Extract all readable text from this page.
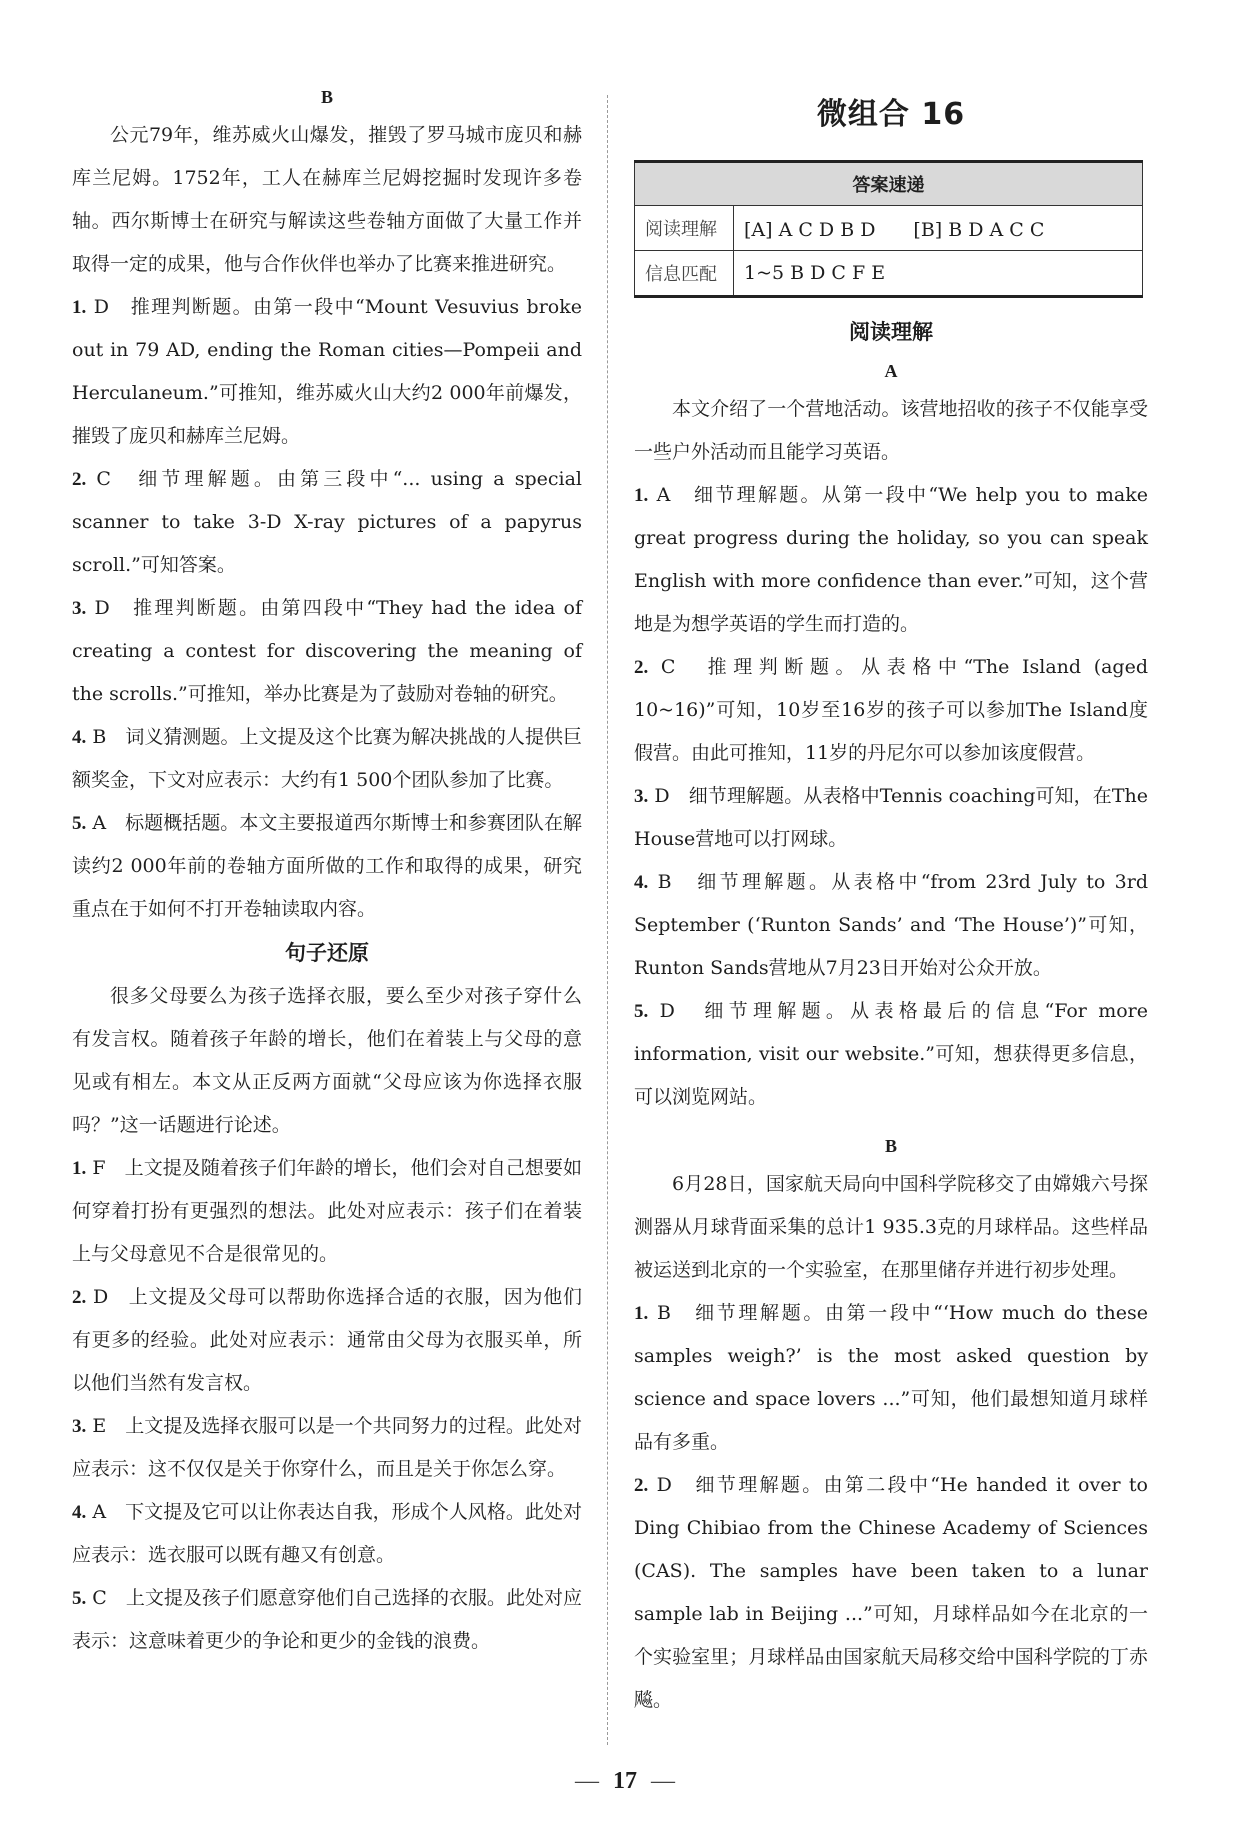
B

公元79年，维苏威火山爆发，摧毁了罗马城市庞贝和赫库兰尼姆。1752年，工人在赫库兰尼姆挖掘时发现许多卷轴。西尔斯博士在研究与解读这些卷轴方面做了大量工作并取得一定的成果，他与合作伙伴也举办了比赛来推进研究。

1. D　推理判断题。由第一段中“Mount Vesuvius broke out in 79 AD, ending the Roman cities—Pompeii and Herculaneum.”可推知，维苏威火山大约2 000年前爆发，摧毁了庞贝和赫库兰尼姆。

2. C　细节理解题。由第三段中“... using a special scanner to take 3-D X-ray pictures of a papyrus scroll.”可知答案。

3. D　推理判断题。由第四段中“They had the idea of creating a contest for discovering the meaning of the scrolls.”可推知，举办比赛是为了鼓励对卷轴的研究。

4. B　词义猜测题。上文提及这个比赛为解决挑战的人提供巨额奖金，下文对应表示：大约有1 500个团队参加了比赛。

5. A　标题概括题。本文主要报道西尔斯博士和参赛团队在解读约2 000年前的卷轴方面所做的工作和取得的成果，研究重点在于如何不打开卷轴读取内容。

句子还原

很多父母要么为孩子选择衣服，要么至少对孩子穿什么有发言权。随着孩子年龄的增长，他们在着装上与父母的意见或有相左。本文从正反两方面就“父母应该为你选择衣服吗？”这一话题进行论述。

1. F　上文提及随着孩子们年龄的增长，他们会对自己想要如何穿着打扮有更强烈的想法。此处对应表示：孩子们在着装上与父母意见不合是很常见的。

2. D　上文提及父母可以帮助你选择合适的衣服，因为他们有更多的经验。此处对应表示：通常由父母为衣服买单，所以他们当然有发言权。

3. E　上文提及选择衣服可以是一个共同努力的过程。此处对应表示：这不仅仅是关于你穿什么，而且是关于你怎么穿。

4. A　下文提及它可以让你表达自我，形成个人风格。此处对应表示：选衣服可以既有趣又有创意。

5. C　上文提及孩子们愿意穿他们自己选择的衣服。此处对应表示：这意味着更少的争论和更少的金钱的浪费。

微组合 16
答案速递	
阅读理解	[A] A C D B D　　[B] B D A C C
信息匹配	1~5 B D C F E
阅读理解
A

本文介绍了一个营地活动。该营地招收的孩子不仅能享受一些户外活动而且能学习英语。

1. A　细节理解题。从第一段中“We help you to make great progress during the holiday, so you can speak English with more confidence than ever.”可知，这个营地是为想学英语的学生而打造的。

2. C　推理判断题。从表格中“The Island (aged 10~16)”可知，10岁至16岁的孩子可以参加The Island度假营。由此可推知，11岁的丹尼尔可以参加该度假营。

3. D　细节理解题。从表格中Tennis coaching可知，在The House营地可以打网球。

4. B　细节理解题。从表格中“from 23rd July to 3rd September (‘Runton Sands’ and ‘The House’)”可知，Runton Sands营地从7月23日开始对公众开放。

5. D　细节理解题。从表格最后的信息“For more information, visit our website.”可知，想获得更多信息，可以浏览网站。

B

6月28日，国家航天局向中国科学院移交了由嫦娥六号探测器从月球背面采集的总计1 935.3克的月球样品。这些样品被运送到北京的一个实验室，在那里储存并进行初步处理。

1. B　细节理解题。由第一段中“‘How much do these samples weigh?’ is the most asked question by science and space lovers ...”可知，他们最想知道月球样品有多重。

2. D　细节理解题。由第二段中“He handed it over to Ding Chibiao from the Chinese Academy of Sciences (CAS). The samples have been taken to a lunar sample lab in Beijing ...”可知，月球样品如今在北京的一个实验室里；月球样品由国家航天局移交给中国科学院的丁赤飚。

— 17 —
